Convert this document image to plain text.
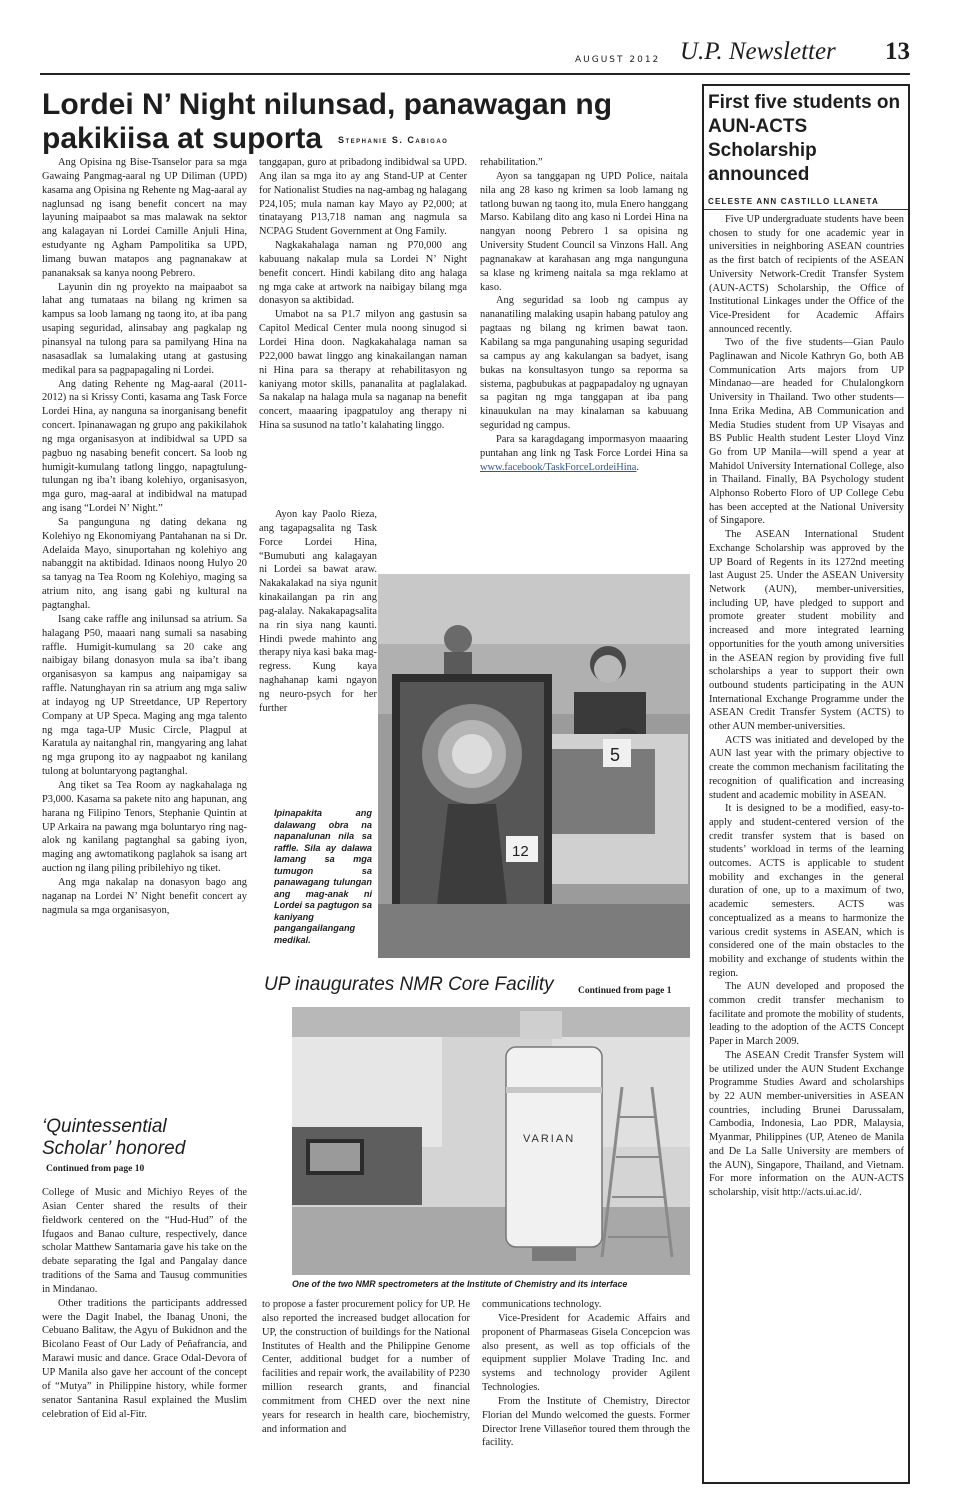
AUGUST 2012 U.P. Newsletter 13
Lordei N’ Night nilunsad, panawagan ng
pakikiisa at suporta	Stephanie S. Cabigao

Ang Opisina ng Bise-Tsanselor para sa mga Gawaing Pangmag-aaral ng UP Diliman (UPD) kasama ang Opisina ng Rehente ng Mag-aaral ay naglunsad ng isang benefit concert na may layuning maipaabot sa mas malawak na sektor ang kalagayan ni Lordei Camille Anjuli Hina, estudyante ng Agham Pampolitika sa UPD, limang buwan matapos ang pagnanakaw at pananaksak sa kanya noong Pebrero.

Layunin din ng proyekto na maipaabot sa lahat ang tumataas na bilang ng krimen sa kampus sa loob lamang ng taong ito, at iba pang usaping seguridad, alinsabay ang pagkalap ng pinansyal na tulong para sa pamilyang Hina na nasasadlak sa lumalaking utang at gastusing medikal para sa pagpapagaling ni Lordei.

Ang dating Rehente ng Mag-aaral (2011-2012) na si Krissy Conti, kasama ang Task Force Lordei Hina, ay nanguna sa inorganisang benefit concert. Ipinanawagan ng grupo ang pakikilahok ng mga organisasyon at indibidwal sa UPD sa pagbuo ng nasabing benefit concert. Sa loob ng humigit-kumulang tatlong linggo, napagtulung-tulungan ng iba’t ibang kolehiyo, organisasyon, mga guro, mag-aaral at indibidwal na matupad ang isang “Lordei N’ Night.”

Sa pangunguna ng dating dekana ng Kolehiyo ng Ekonomiyang Pantahanan na si Dr. Adelaida Mayo, sinuportahan ng kolehiyo ang nabanggit na aktibidad. Idinaos noong Hulyo 20 sa tanyag na Tea Room ng Kolehiyo, maging sa atrium nito, ang isang gabi ng kultural na pagtanghal.

Isang cake raffle ang inilunsad sa atrium. Sa halagang P50, maaari nang sumali sa nasabing raffle. Humigit-kumulang sa 20 cake ang naibigay bilang donasyon mula sa iba’t ibang organisasyon sa kampus ang naipamigay sa raffle. Natunghayan rin sa atrium ang mga saliw at indayog ng UP Streetdance, UP Repertory Company at UP Speca. Maging ang mga talento ng mga taga-UP Music Circle, Plagpul at Karatula ay naitanghal rin, mangyaring ang lahat ng mga grupong ito ay nagpaabot ng kanilang tulong at boluntaryong pagtanghal.

Ang tiket sa Tea Room ay nagkahalaga ng P3,000. Kasama sa pakete nito ang hapunan, ang harana ng Filipino Tenors, Stephanie Quintin at UP Arkaira na pawang mga boluntaryo ring nag-alok ng kanilang pagtanghal sa gabing iyon, maging ang awtomatikong paglahok sa isang art auction ng ilang piling pribilehiyo ng tiket.

Ang mga nakalap na donasyon bago ang naganap na Lordei N’ Night benefit concert ay nagmula sa mga organisasyon,

tanggapan, guro at pribadong indibidwal sa UPD. Ang ilan sa mga ito ay ang Stand-UP at Center for Nationalist Studies na nag-ambag ng halagang P24,105; mula naman kay Mayo ay P2,000; at tinatayang P13,718 naman ang nagmula sa NCPAG Student Government at Ong Family.

Nagkakahalaga naman ng P70,000 ang kabuuang nakalap mula sa Lordei N’ Night benefit concert. Hindi kabilang dito ang halaga ng mga cake at artwork na naibigay bilang mga donasyon sa aktibidad.

Umabot na sa P1.7 milyon ang gastusin sa Capitol Medical Center mula noong sinugod si Lordei Hina doon. Nagkakahalaga naman sa P22,000 bawat linggo ang kinakailangan naman ni Hina para sa therapy at rehabilitasyon ng kaniyang motor skills, pananalita at paglalakad. Sa nakalap na halaga mula sa naganap na benefit concert, maaaring ipagpatuloy ang therapy ni Hina sa susunod na tatlo’t kalahating linggo.

Ayon kay Paolo Rieza, ang tagapagsalita ng Task Force Lordei Hina, “Bumubuti ang kalagayan ni Lordei sa bawat araw. Nakakalakad na siya ngunit kinakailangan pa rin ang pag-alalay. Nakakapagsalita na rin siya nang kaunti. Hindi pwede mahinto ang therapy niya kasi baka mag-regress. Kung kaya naghahanap kami ngayon ng neuro-psych for her further

rehabilitation.”

Ayon sa tanggapan ng UPD Police, naitala nila ang 28 kaso ng krimen sa loob lamang ng tatlong buwan ng taong ito, mula Enero hanggang Marso. Kabilang dito ang kaso ni Lordei Hina na nangyan noong Pebrero 1 sa opisina ng University Student Council sa Vinzons Hall. Ang pagnanakaw at karahasan ang mga nangunguna sa klase ng krimeng naitala sa mga reklamo at kaso.

Ang seguridad sa loob ng campus ay nananatiling malaking usapin habang patuloy ang pagtaas ng bilang ng krimen bawat taon. Kabilang sa mga pangunahing usaping seguridad sa campus ay ang kakulangan sa badyet, isang bukas na konsultasyon tungo sa reporma sa sistema, pagbubukas at pagpapadaloy ng ugnayan sa pagitan ng mga tanggapan at iba pang kinauukulan na may kinalaman sa kabuuang seguridad ng campus.

Para sa karagdagang impormasyon maaaring puntahan ang link ng Task Force Lordei Hina sa www.facebook/TaskForceLordeiHina.

5
12
Kuha ni Bong Arboleda
Ipinapakita ang dalawang obra na napanalunan nila sa raffle. Sila ay dalawa lamang sa mga tumugon sa panawagang tulungan ang mag-anak ni Lordei sa pagtugon sa kaniyang pangangailangang medikal.
First five students on AUN-ACTS Scholarship announced
CELESTE ANN CASTILLO LLANETA

Five UP undergraduate students have been chosen to study for one academic year in universities in neighboring ASEAN countries as the first batch of recipients of the ASEAN University Network-Credit Transfer System (AUN-ACTS) Scholarship, the Office of Institutional Linkages under the Office of the Vice-President for Academic Affairs announced recently.

Two of the five students—Gian Paulo Paglinawan and Nicole Kathryn Go, both AB Communication Arts majors from UP Mindanao—are headed for Chulalongkorn University in Thailand. Two other students—Inna Erika Medina, AB Communication and Media Studies student from UP Visayas and BS Public Health student Lester Lloyd Vinz Go from UP Manila—will spend a year at Mahidol University International College, also in Thailand. Finally, BA Psychology student Alphonso Roberto Floro of UP College Cebu has been accepted at the National University of Singapore.

The ASEAN International Student Exchange Scholarship was approved by the UP Board of Regents in its 1272nd meeting last August 25. Under the ASEAN University Network (AUN), member-universities, including UP, have pledged to support and promote greater student mobility and increased and more integrated learning opportunities for the youth among universities in the ASEAN region by providing five full scholarships a year to support their own outbound students participating in the AUN International Exchange Programme under the ASEAN Credit Transfer System (ACTS) to other AUN member-universities.

ACTS was initiated and developed by the AUN last year with the primary objective to create the common mechanism facilitating the recognition of qualification and increasing student and academic mobility in ASEAN.

It is designed to be a modified, easy-to-apply and student-centered version of the credit transfer system that is based on students’ workload in terms of the learning outcomes. ACTS is applicable to student mobility and exchanges in the general duration of one, up to a maximum of two, academic semesters. ACTS was conceptualized as a means to harmonize the various credit systems in ASEAN, which is considered one of the main obstacles to the mobility and exchange of students within the region.

The AUN developed and proposed the common credit transfer mechanism to facilitate and promote the mobility of students, leading to the adoption of the ACTS Concept Paper in March 2009.

The ASEAN Credit Transfer System will be utilized under the AUN Student Exchange Programme Studies Award and scholarships by 22 AUN member-universities in ASEAN countries, including Brunei Darussalam, Cambodia, Indonesia, Lao PDR, Malaysia, Myanmar, Philippines (UP, Ateneo de Manila and De La Salle University are members of the AUN), Singapore, Thailand, and Vietnam. For more information on the AUN-ACTS scholarship, visit http://acts.ui.ac.id/.

‘Quintessential
Scholar’ honored
Continued from page 10

College of Music and Michiyo Reyes of the Asian Center shared the results of their fieldwork centered on the “Hud-Hud” of the Ifugaos and Banao culture, respectively, dance scholar Matthew Santamaria gave his take on the debate separating the Igal and Pangalay dance traditions of the Sama and Tausug communities in Mindanao.

Other traditions the participants addressed were the Dagit Inabel, the Ibanag Unoni, the Cebuano Balitaw, the Agyu of Bukidnon and the Bicolano Feast of Our Lady of Peñafrancia, and Marawi music and dance. Grace Odal-Devora of UP Manila also gave her account of the concept of “Mutya” in Philippine history, while former senator Santanina Rasul explained the Muslim celebration of Eid al-Fitr.

UP inaugurates NMR Core Facility	Continued from page 1
VARIAN
One of the two NMR spectrometers at the Institute of Chemistry and its interface

to propose a faster procurement policy for UP. He also reported the increased budget allocation for UP, the construction of buildings for the National Institutes of Health and the Philippine Genome Center, additional budget for a number of facilities and repair work, the availability of P230 million research grants, and financial commitment from CHED over the next nine years for research in health care, biochemistry, and information and

communications technology.

Vice-President for Academic Affairs and proponent of Pharmaseas Gisela Concepcion was also present, as well as top officials of the equipment supplier Molave Trading Inc. and systems and technology provider Agilent Technologies.

From the Institute of Chemistry, Director Florian del Mundo welcomed the guests. Former Director Irene Villaseñor toured them through the facility.
